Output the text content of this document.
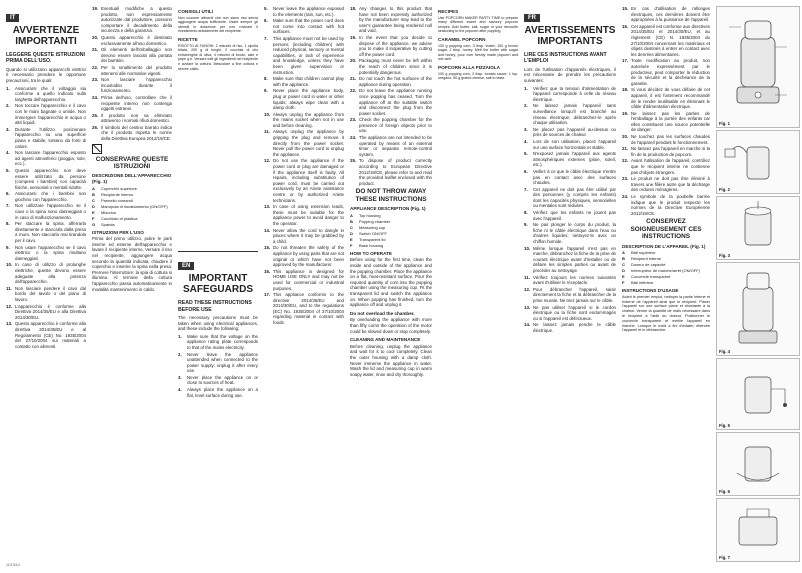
IT
AVVERTENZE IMPORTANTI
LEGGERE QUESTE ISTRUZIONI PRIMA DELL'USO.

Quando si utilizzano apparecchi elettrici è necessario prendere le opportune precauzioni, tra le quali:

1. Assicurarsi che il voltaggio sia conforme a quello indicato sulla targhetta dell'apparecchio.
2. Non toccare l'apparecchio e il cavo con le mani bagnate o umide. Non immergere l'apparecchio in acqua o altri liquidi.
3. Durante l'utilizzo posizionare l'apparecchio su una superficie piana e stabile, lontano da fonti di calore.
4. Non lasciare l'apparecchio esposto ad agenti atmosferici (pioggia, sole, ecc.).
5. Questo apparecchio non deve essere utilizzato da persone (compresi i bambini) con capacità fisiche, sensoriali o mentali ridotte.
6. Assicurarsi che i bambini non giochino con l'apparecchio.
7. Non utilizzare l'apparecchio se il cavo o la spina sono danneggiati o in caso di malfunzionamento.
8. Per staccare la spina, afferrarla direttamente e staccarla dalla presa a muro. Non staccarla mai tirandola per il cavo.
9. Non usare l'apparecchio se il cavo elettrico o la spina risultano danneggiati.
10. In caso di utilizzo di prolunghe elettriche, queste devono essere adeguate alla potenza dell'apparecchio.
11. Non lasciare pendere il cavo dal bordo del tavolo o del piano di lavoro.
12. L'apparecchio è conforme alla Direttiva 2014/35/EU e alla Direttiva 2014/30/EU.
13. Questo apparecchio è conforme alla direttiva 2014/35/EU e al Regolamento (CE) No. 1935/2004 del 27/10/2004 sui materiali a contatto con alimenti.
19. Eventuali modifiche a questo prodotto, non espressamente autorizzate dal produttore, possono comportare il decadimento della sicurezza e della garanzia.
20. Questo apparecchio è destinato esclusivamente all'uso domestico.
21. Gli elementi dell'imballaggio non devono essere lasciati alla portata dei bambini.
22. Per lo smaltimento del prodotto attenersi alle normative vigenti.
23. Non lasciare l'apparecchio incustodito durante il funzionamento.
24. Prima dell'uso, controllare che il recipiente interno non contenga oggetti estranei.
25. Il prodotto non va eliminato attraverso i normali rifiuti domestici.
26. Il simbolo del cestino barrato indica che il prodotto rispetta le norme della Direttiva Europea 2012/19/CE.

CONSERVARE QUESTE ISTRUZIONI
DESCRIZIONE DELL'APPARECCHIO (Fig. 1)
A Coperchio superiore
B Recipiente interno
C Pannello comandi
D Manopola di riscaldamento (ON/OFF)
E Misurino
F Cucchiaio di plastica
G Spatola
ISTRUZIONI PER L'USO

Prima del primo utilizzo, pulire le parti interne ed esterne dell'apparecchio e lavare il recipiente interno. Versare il riso nel recipiente, aggiungere acqua secondo la quantità indicata, chiudere il coperchio e inserire la spina nella presa. Premere l'interruttore: la spia di cottura si illumina. Al termine della cottura l'apparecchio passa automaticamente in modalità mantenimento in caldo.

CONSIGLI UTILI

Non cuocere alimenti che non siano riso senza aggiungere acqua sufficiente. Usare sempre gli utensili in dotazione per non rovinare il rivestimento antiaderente del recipiente.

RICETTE

RISOTTO AI FUNGHI: 2 misurini di riso, 1 cipolla tritata, 200 g di funghi, 2 cucchiai di olio extravergine di oliva, 4 misurini di brodo, sale e pepe q.b. Versare tutti gli ingredienti nel recipiente e avviare la cottura. Mescolare a fine cottura e servire caldo.

EN
IMPORTANT SAFEGUARDS
READ THESE INSTRUCTIONS BEFORE USE

The necessary precautions must be taken when using electrical appliances, and these include the following:

1. Make sure that the voltage on the appliance rating plate corresponds to that of the mains electricity.
2. Never leave the appliance unattended when connected to the power supply; unplug it after every use.
3. Never place the appliance on or close to sources of heat.
4. Always place the appliance on a flat, level surface during use.
5. Never leave the appliance exposed to the elements (rain, sun, etc.).
6. Make sure that the power cord does not come into contact with hot surfaces.
7. This appliance must not be used by persons (including children) with reduced physical, sensory or mental capabilities, or lack of experience and knowledge, unless they have been given supervision or instruction.
8. Make sure that children cannot play with the appliance.
9. Never place the appliance body, plug or power cord in water or other liquids; always wipe clean with a damp cloth.
10. Always unplug the appliance from the mains socket when not in use and before cleaning.
11. Always unplug the appliance by gripping the plug and remove it directly from the power socket. Never pull the power cord to unplug the appliance.
12. Do not use the appliance if the power cord or plug are damaged or if the appliance itself is faulty. All repairs, including substitution of power cord, must be carried out exclusively by an Ariete assistance centre or by authorized Ariete technicians.
13. In case of using extension leads, these must be suitable for the appliance power to avoid danger to the operator.
14. Never allow the cord to dangle in places where it may be grabbed by a child.
15. Do not threaten the safety of the appliance by using parts that are not original or which have not been approved by the manufacturer.
16. This appliance is designed for HOME USE ONLY and may not be used for commercial or industrial purposes.
17. This appliance conforms to the directive 2014/35/EU and 2014/30/EU, and to the regulations (EC) No. 1935/2004 of 27/10/2004 regarding material in contact with foods.
18. Any changes to this product that have not been expressly authorized by the manufacturer may lead to the user's guarantee being rendered null and void.
19. In the event that you decide to dispose of the appliance, we advise you to make it inoperative by cutting off the power cord.
20. Packaging must never be left within the reach of children since it is potentially dangerous.
21. Do not touch the hot surfaces of the appliance during operation.
22. Do not leave the appliance running once popping has ceased. Turn the appliance off at the suitable switch and disconnect the plug from the power socket.
23. Check the popping chamber for the presence of foreign objects prior to use.
24. The appliance are not intended to be operated by means of an external timer or separate remote-control system.
25. To dispose of product correctly according to European Directive 2012/19/CE, please refer to and read the provided leaflet enclosed with the product.
DO NOT THROW AWAY THESE INSTRUCTIONS
APPLIANCE DESCRIPTION (Fig. 1)
A Top housing
B Popping chamber
C Measuring cup
D Switch ON/OFF
E Transparent lid
F Base housing
HOW TO OPERATE

Before using for the first time, clean the inside and outside of the appliance and the popping chamber. Place the appliance on a flat, heat-resistant surface. Pour the required quantity of corn into the popping chamber using the measuring cup. Fit the transparent lid and switch the appliance on. When popping has finished, turn the appliance off and unplug it.

Do not overload the chamber.

By overloading the appliance with more than fifty corns the operation of the motor could be slowed down or stop completely.

CLEANING AND MAINTENANCE

Before cleaning, unplug the appliance and wait for it to cool completely. Clean the outer housing with a damp cloth. Never immerse the appliance in water. Wash the lid and measuring cup in warm soapy water, rinse and dry thoroughly.

RECIPES

Use POPCORN MAKER PARTY TIME to prepare many different sweet and savoury popcorn recipes. Add butter, salt, sugar or your favourite seasoning to the popcorn after popping.

CARAMEL POPCORN

100 g popping corn, 3 tbsp. butter, 150 g brown sugar, 2 tbsp. honey. Melt the butter with sugar and honey, pour over freshly made popcorn and mix well.

POPCORN ALLA PIZZAIOLA

100 g popping corn, 3 tbsp. tomato sauce, 1 tsp. oregano, 50 g grated cheese, salt to taste.

FR
AVERTISSEMENTS IMPORTANTS
LIRE CES INSTRUCTIONS AVANT L'EMPLOI

Lors de l'utilisation d'appareils électriques, il est nécessaire de prendre les précautions suivantes:

1. Vérifiez que la tension d'alimentation de l'appareil corresponde à celle du réseau électrique.
2. Ne laissez jamais l'appareil sans surveillance lorsqu'il est branché au réseau électrique; débranchez-le après chaque utilisation.
3. Ne placez pas l'appareil au-dessus ou près de sources de chaleur.
4. Lors de son utilisation, placez l'appareil sur une surface horizontale et stable.
5. N'exposez jamais l'appareil aux agents atmosphériques externes (pluie, soleil, etc.).
6. Veillez à ce que le câble électrique n'entre pas en contact avec des surfaces chaudes.
7. Cet appareil ne doit pas être utilisé par des personnes (y compris les enfants) dont les capacités physiques, sensorielles ou mentales sont réduites.
8. Vérifiez que les enfants ne jouent pas avec l'appareil.
9. Ne pas plonger le corps du produit, la fiche ni le câble électrique dans l'eau ou d'autres liquides; nettoyez-le avec un chiffon humide.
10. Même lorsque l'appareil n'est pas en marche, débranchez la fiche de la prise de courant électrique avant d'installer ou de défaire les simples parties ou avant de procéder au nettoyage.
11. Vérifiez toujours les normes suivantes avant d'utiliser le réceptacle.
12. Pour débrancher l'appareil, saisir directement la fiche et la débrancher de la prise murale. Ne tirez jamais sur le câble.
13. Ne pas utiliser l'appareil si le cordon électrique ou la fiche sont endommagés ou si l'appareil est défectueux.
14. Ne laissez jamais pendre le câble électrique.
15. En cas d'utilisation de rallonges électriques, ces dernières doivent être appropriées à la puissance de l'appareil.
16. Cet appareil est conforme aux directives 2014/35/EU et 2014/30/EU, et au règlement (CE) N. 1935/2004 du 27/10/2004 concernant les matériaux et objets destinés à entrer en contact avec les denrées alimentaires.
17. Toute modification au produit, non autorisée expressément par le producteur, peut comporter la réduction de la sécurité et la déchéance de la garantie.
18. Si vous décidez de vous défaire de cet appareil, il est fortement recommandé de le rendre inutilisable en éliminant le câble d'alimentation électrique.
19. Ne laissez pas les parties de l'emballage à la portée des enfants car elles constituent une source potentielle de danger.
20. Ne touchez pas les surfaces chaudes de l'appareil pendant le fonctionnement.
21. Ne laissez pas l'appareil en marche si la fin de la production de popcorn.
22. Avant l'utilisation de l'appareil, contrôlez que le récipient interne ne contienne pas d'objets étrangers.
23. Le produit ne doit pas être éliminé à travers une filière autre que la décharge des ordures ménagères.
24. Le symbole de la poubelle barrée indique que le produit respecte les normes de la Directive Européenne 2012/19/CE.
CONSERVEZ SOIGNEUSEMENT CES INSTRUCTIONS
DESCRIPTION DE L'APPAREIL (Fig. 1)
A Bâti supérieur
B Récipient interne
C Doseur de capacité
D Interrupteur de marche/arrêt (ON/OFF)
E Couvercle transparent
F Bâti inférieur
INSTRUCTIONS D'USAGE

Avant le premier emploi, nettoyer la partie interne et externe de l'appareil ainsi que le récipient. Placer l'appareil sur une surface plane et résistante à la chaleur. Verser la quantité de maïs nécessaire dans le récipient à l'aide du doseur. Positionner le couvercle transparent et mettre l'appareil en marche. Lorsque le maïs a fini d'éclater, éteindre l'appareil et le débrancher.

Fig. 1
Fig. 2
Fig. 3
Fig. 4
Fig. 5
Fig. 6
Fig. 7
11/13/14
